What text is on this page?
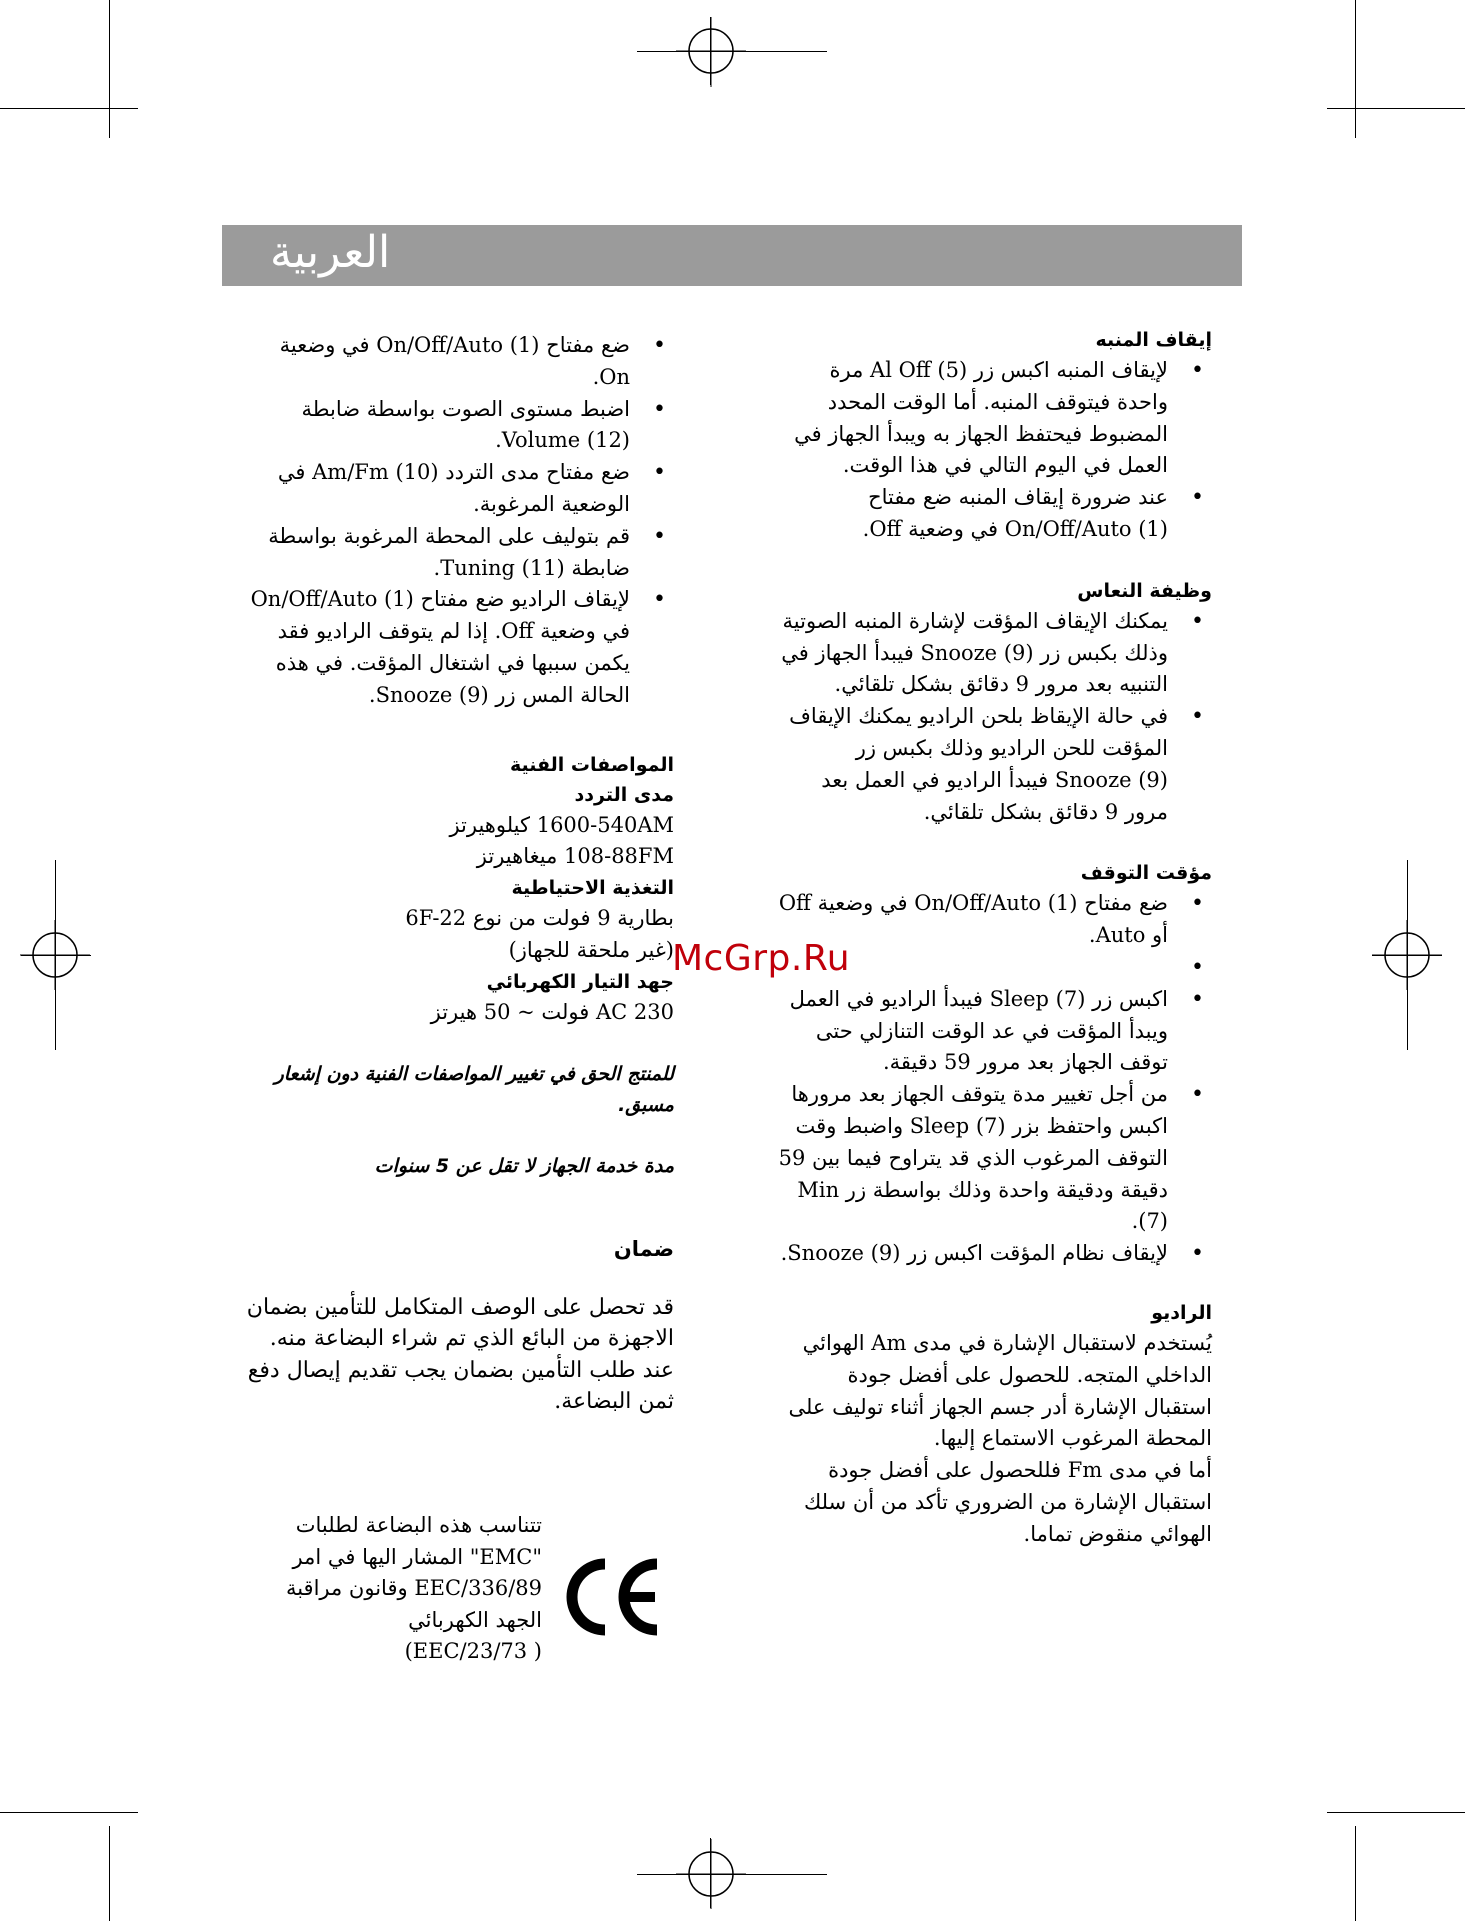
العربية

إيقاف المنبه

• لإيقاف المنبه اكبس زر Al Off (5) مرة واحدة فيتوقف المنبه. أما الوقت المحدد المضبوط فيحتفظ الجهاز به ويبدأ الجهاز في العمل في اليوم التالي في هذا الوقت.
• عند ضرورة إيقاف المنبه ضع مفتاح On/Off/Auto (1) في وضعية Off.

وظيفة النعاس

• يمكنك الإيقاف المؤقت لإشارة المنبه الصوتية وذلك بكبس زر Snooze (9) فيبدأ الجهاز في التنبيه بعد مرور 9 دقائق بشكل تلقائي.
• في حالة الإيقاظ بلحن الراديو يمكنك الإيقاف المؤقت للحن الراديو وذلك بكبس زر Snooze (9) فيبدأ الراديو في العمل بعد مرور 9 دقائق بشكل تلقائي.

مؤقت التوقف

• ضع مفتاح On/Off/Auto (1) في وضعية Off أو Auto.
•
• اكبس زر Sleep (7) فيبدأ الراديو في العمل ويبدأ المؤقت في عد الوقت التنازلي حتى توقف الجهاز بعد مرور 59 دقيقة.
• من أجل تغيير مدة يتوقف الجهاز بعد مرورها اكبس واحتفظ بزر Sleep (7) واضبط وقت التوقف المرغوب الذي قد يتراوح فيما بين 59 دقيقة ودقيقة واحدة وذلك بواسطة زر Min (7).
• لإيقاف نظام المؤقت اكبس زر Snooze (9).

الراديو

يُستخدم لاستقبال الإشارة في مدى Am الهوائي الداخلي المتجه. للحصول على أفضل جودة استقبال الإشارة أدر جسم الجهاز أثناء توليف على المحطة المرغوب الاستماع إليها.

أما في مدى Fm فللحصول على أفضل جودة استقبال الإشارة من الضروري تأكد من أن سلك الهوائي منقوض تماما.

• ضع مفتاح On/Off/Auto (1) في وضعية On.
• اضبط مستوى الصوت بواسطة ضابطة Volume (12).
• ضع مفتاح مدى التردد Am/Fm (10) في الوضعية المرغوبة.
• قم بتوليف على المحطة المرغوبة بواسطة ضابطة Tuning (11).
• لإيقاف الراديو ضع مفتاح On/Off/Auto (1) في وضعية Off. إذا لم يتوقف الراديو فقد يكمن سببها في اشتغال المؤقت. في هذه الحالة المس زر Snooze (9).

المواصفات الفنية

مدى التردد

1600-540AM كيلوهيرتز

108-88FM ميغاهيرتز

التغذية الاحتياطية

بطارية 9 فولت من نوع 6F-22

(غير ملحقة للجهاز)

جهد التيار الكهربائي

230 AC فولت ~ 50 هيرتز

للمنتج الحق في تغيير المواصفات الفنية دون إشعار مسبق.

مدة خدمة الجهاز لا تقل عن 5 سنوات

ضمان

قد تحصل على الوصف المتكامل للتأمين بضمان الاجهزة من البائع الذي تم شراء البضاعة منه. عند طلب التأمين بضمان يجب تقديم إيصال دفع ثمن البضاعة.

تتناسب هذه البضاعة لطلبات

"EMC" المشار اليها في امر

EEC/336/89 وقانون مراقبة

الجهد الكهربائي

( EEC/23/73)

McGrp.Ru
